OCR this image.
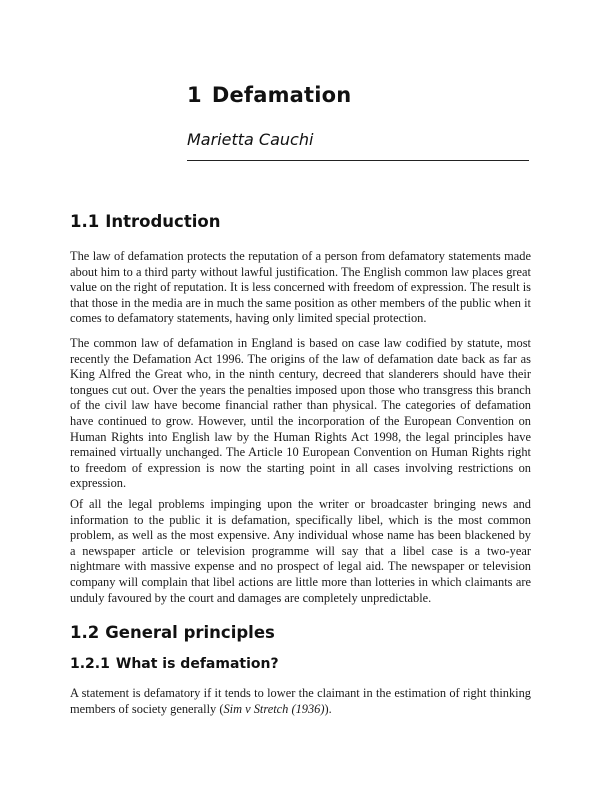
1 Defamation

Marietta Cauchi

1.1 Introduction

The law of defamation protects the reputation of a person from defamatory statements made about him to a third party without lawful justification. The English common law places great value on the right of reputation. It is less concerned with freedom of expression. The result is that those in the media are in much the same position as other members of the public when it comes to defamatory statements, having only limited special protection.

The common law of defamation in England is based on case law codified by statute, most recently the Defamation Act 1996. The origins of the law of defamation date back as far as King Alfred the Great who, in the ninth century, decreed that slanderers should have their tongues cut out. Over the years the penalties imposed upon those who transgress this branch of the civil law have become financial rather than physical. The categories of defamation have continued to grow. However, until the incorporation of the European Convention on Human Rights into English law by the Human Rights Act 1998, the legal principles have remained virtually unchanged. The Article 10 European Convention on Human Rights right to freedom of expression is now the starting point in all cases involving restrictions on expression.

Of all the legal problems impinging upon the writer or broadcaster bringing news and information to the public it is defamation, specifically libel, which is the most common problem, as well as the most expensive. Any individual whose name has been blackened by a newspaper article or television programme will say that a libel case is a two-year nightmare with massive expense and no prospect of legal aid. The newspaper or television company will complain that libel actions are little more than lotteries in which claimants are unduly favoured by the court and damages are completely unpredictable.

1.2 General principles
1.2.1 What is defamation?

A statement is defamatory if it tends to lower the claimant in the estimation of right thinking members of society generally (Sim v Stretch (1936)).
